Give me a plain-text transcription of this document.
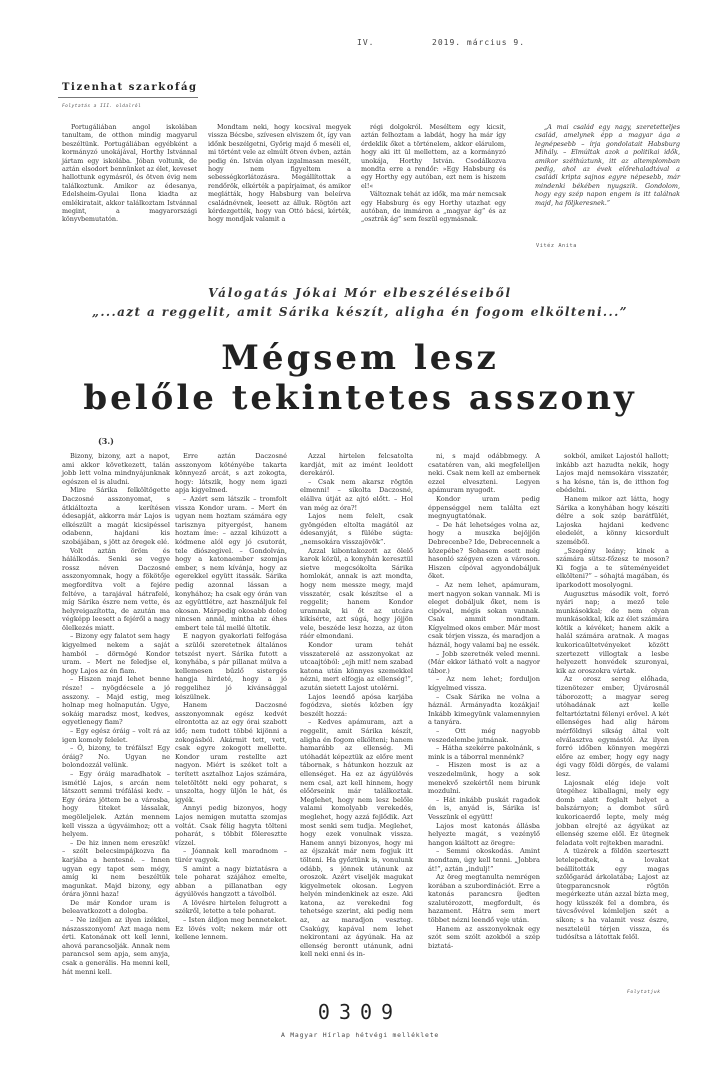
IV.	2019. március 9.
Tizenhat szarkofág
Folytatás a III. oldalról

Portugáliában angol iskolában tanultam, de otthon mindig magyarul beszéltünk. Portugáliában egyébként a kormányzó unokájával, Horthy Istvánnal jártam egy iskolába. Jóban voltunk, de aztán elsodort bennünket az élet, keveset hallottunk egymásról, és ötven évig nem találkoztunk. Amikor az édesanya, Edelsheim-Gyulai Ilona kiadta az emlékiratait, akkor találkoztam Istvánnal megint, a magyarországi könyvbemutatón.

Mondtam neki, hogy kocsival megyek vissza Bécsbe, szívesen elviszem őt, így van időnk beszélgetni, Győrig majd ő meséli el, mi történt vele az elmúlt ötven évben, aztán pedig én. István olyan izgalmasan mesélt, hogy nem figyeltem a sebességkorlátozásra. Megállítottak a rendőrök, elkérték a papírjaimat, és amikor meglátták, hogy Habsburg van beleírva családnévnek, leesett az álluk. Rögtön azt kérdezgették, hogy van Ottó bácsi, kérték, hogy mondjak valamit a

régi dolgokról. Meséltem egy kicsit, aztán felhoztam a labdát, hogy ha már így érdeklik őket a történelem, akkor elárulom, hogy aki itt ül mellettem, az a kormányzó unokája, Horthy István. Csodálkozva mondta erre a rendőr: »Egy Habsburg és egy Horthy egy autóban, ezt nem is hiszem el!«

Változnak tehát az idők, ma már nemcsak egy Habsburg és egy Horthy utazhat egy autóban, de immáron a „magyar ág” és az „osztrák ág” sem feszül egymásnak.

„A mai család egy nagy, szeretetteljes család, amelynek épp a magyar ága a legnépesebb – írja gondolatait Habsburg Mihály. – Elmúltak azok a politikai idők, amikor széthúztunk, itt az altemplomban pedig, ahol az évek előrehaladtával a családi kripta sajnos egyre népesebb, már mindenki békében nyugszik. Gondolom, hogy egy szép napon engem is itt találnak majd, ha följkeresnek.”

Vitéz Anita
Válogatás Jókai Mór elbeszéléseiből
„...azt a reggelit, amit Sárika készít, aligha én fogom elkölteni...”
Mégsem lesz
belőle tekintetes asszony
(3.)

Bizony, bizony, azt a napot, ami akkor következett, talán jobb lett volna mindnyájunknak egészen el is aludni.

Mire Sárika felköltögette Daczosné asszonyomat, s átkiáltozta a kerítésen édesapját, akkorra már Lajos is elkészült a magát kicsipéssel odabenn, hajdani kis szobájában, s jött az öregek elé.

Volt aztán öröm és hálálkodás. Senki se vegye rossz néven Daczosné asszonyomnak, hogy a fökötője megfordítva volt a fejére feltéve, a tarajával hátrafelé, míg Sárika észre nem vette, és helyreigazította, de azután ma végképp leesett a fejéről a nagy ölelkezés miatt.

– Bizony egy falatot sem hagy kigyelmed nekem a saját hamból – dörmögé Kondor uram. – Mert ne feledjse el, hogy Lajos az én fiam.

– Hiszen majd lehet benne része! – nyögdécsele a jó asszony. – Majd estig, meg holnap meg holnapután. Ugye, sokáig maradsz most, kedves, egyetlenegy fiam?

– Egy egész óráig – volt rá az igen komoly felelet.

– Ó, bizony, te tréfálsz! Egy óráig? No. Ugyan ne bolondozzál velünk.

– Egy óráig maradhatok – ismétlé Lajos, s arcán nem látszott semmi tréfálási kedv. – Egy órára jöttem be a városba, hogy titeket lássalak, megöleljelek. Aztán mennem kell vissza a úgyváimhoz; ott a helyem.

– De hiz innen nem ereszük! – szólt belecsimpájkozva fia karjába a hentesné. – Innen ugyan egy tapot sem mégy, amíg ki nem beszéltük magunkat. Majd bizony, egy órára jönni haza!

De már Kondor uram is beleavatkozott a dologba.

– Ne izéljen az ilyen izékkel, nászasszonyom! Azt maga nem érti. Katonának ott kell lenni, ahová parancsolják. Annak nem parancsol sem apja, sem anyja, csak a generális. Ha menni kell, hát menni kell.

Erre aztán Daczosné asszonyom kötényébe takarta könnyező arcát, s azt zokogta, hogy: látszik, hogy nem igazi apja kigyelmed.

– Azért sem látszik – tromfolt vissza Kondor uram. – Mert én ugyan nem hoztam számára egy tarisznya pityergést, hanem hoztam íme: – azzal kihúzott a kódmene alól egy jó csutorát, tele diószegivel. – Gondolván, hogy a katonaember szomjas ember, s nem kívánja, hogy az egerekkel együtt itassák. Sárika pedig azonnal lássan a konyhához; ha csak egy órán van az együttlétre, azt használjuk fel okosan. Márpedig okosabb dolog nincsen annál, mintha az éhes embert tele tál mellé ültetik.

E nagyon gyakorlati felfogása a szülői szeretetnek általános tetszést nyert. Sárika futott a konyhába, s pár pillanat múlva a kellemesen bűzlő sistergés hangja hirdeté, hogy a jó reggelihez jó kívánsággal készülnek.

Hanem Daczosné asszonyomnak egész kedvét elrontotta az az egy órai szabott idő; nem tudott többé kijönni a zokogásból. Akármit tett, vett, csak egyre zokogott mellette. Kondor uram restellte azt nagyon. Miért is széket tolt a terített asztalhoz Lajos számára, teletöltött neki egy poharat, s unszolta, hogy üljön le hát, és igyék.

Annyi pedig bizonyos, hogy Lajos nemigen mutatta szomjas voltát. Csak félig hagyta tölteni poharát, s többit föleresztte vízzel.

– Jóannak kell maradnom – türér vagyok.

S amint a nagy biztatásra a tele poharat szájához emelte, abban a pillanatban egy ágyúlövés hangzott a távolból.

A lövésre hirtelen felugrott a székről, letette a tele poharat.

– Isten áldjon meg benneteket. Ez lövés volt; nekem már ott kellene lennem.

Azzal hirtelen felcsatolta kardját, mit az imént leoldott derekáról.

– Csak nem akarsz rögtön elmenni! – sikolta Daczosné, elállva útját az ajtó előtt. – Hol van még az óra?!

Lajos nem felelt, csak gyöngéden eltolta magától az édesanyját, s fülébe súgta: „nemsokára visszajövök”.

Azzal kibontakozott az ölelő karok közül, a konyhán keresztül sietve megcsókolta Sárika homlokát, annak is azt mondta, hogy nem messze megy, majd visszatér, csak készítse el a reggelit; hanem Kondor uramnak, ki őt az utcára kikísérte, azt súgá, hogy jöjjön vele, beszéde lesz hozza, az úton ráér elmondani.

Kondor uram tehát visszaterelé az asszonyokat az utcaajtóból: „ejh mit! nem szabad katona után könnyes szemekkel nézni, mert elfogja az ellenség!”, azután sietett Lajost utolérni.

Lajos leendő apósa karjába fogódzva, sietés közben így beszélt hozzá:

– Kedves apámuram, azt a reggelit, amit Sárika készít, aligha én fogom elkölteni; hanem hamarább az ellenség. Mi utóhadát képeztük az előre ment tábornak, s hátunkon hozzuk az ellenséget. Ha ez az ágyúlövés nem csal, azt kell hinnem, hogy előörseink már találkoztak. Meglehet, hogy nem lesz belőle valami komolyabb verekedés, meglehet, hogy azzá fejlődik. Azt most senki sem tudja. Meglehet, hogy ezek vonulnak vissza. Hanem annyi bizonyos, hogy mi az éjszakát már nem fogjuk itt tölteni. Ha győztünk is, vonulunk odább, s jönnek utánunk az oroszok. Azért viseljék magukat kigyelmetek okosan. Legyen helyén mindenkinek az esze. Aki katona, az verekedni fog tehetsége szerint, aki pedig nem az, az maradjon veszteg. Csakúgy, kapával nem lehet nekirontani az ágyúnak. Ha az ellenség berontt utánunk, adni kell neki enni és in-

ni, s majd odábbmegy. A csatatéren van, aki megfelelljen neki. Csak nem kell az embernek ezzel elveszteni. Legyen apámuram nyugodt.

Kondor uram pedig éppenséggel nem találta ezt megnyugtatónak.

– De hát lehetséges volna az, hogy a muszka bejöjjön Debrecenbe? Ide, Debrecennek a közepébe? Sohasem esett még hasonló szégyen ezen a városon. Hiszen cípóval agyondobáljuk őket.

– Az nem lehet, apámuram, mert nagyon sokan vannak. Mi is eleget dobáljuk őket, nem is cipóval, mégis sokan vannak. Csak ammit mondtam. Kígyelmed okos ember. Már most csak térjen vissza, és maradjon a háznál, hogy valami baj ne essék.

– Jobb szeretnék veled menni. (Már ekkor látható volt a nagyor tábor.)

– Az nem lehet; forduljon kígyelmed vissza.

– Csak Sárika ne volna a háznál. Ármányadta kozákjai! Inkább kimegyünk valamennyien a tanyára.

– Ott még nagyobb veszedelembe jutnának.

– Hátha szekérre pakolnánk, s mink is a táborral mennénk?

– Hiszen most is az a veszedelmünk, hogy a sok menekvő szekértől nem birunk mozdulni.

– Hát inkább puskát ragadok én is, anyád is, Sárika is! Vesszünk el együtt!

Lajos most katonás állásba helyezte magát, s vezénylő hangon kiáltott az öregre:

– Semmi okoskodás. Amint mondtam, úgy kell tenni. „Jobbra át!”, aztán „indulj!”

Az öreg megtanulta nemrégen korában a szubordinációt. Erre a katonás parancsra íjedten szalutérozott, megfordult, és hazament. Hátra sem mert többet nézni leendő veje után.

Hanem az asszonyoknak egy szót sem szólt azokból a szép biztatá-

sokból, amiket Lajostól hallott; inkább azt hazudta nekik, hogy Lajos majd nemsokára visszatér, s ha késne, tán is, de itthon fog ebédelni.

Hanem mikor azt látta, hogy Sárika a konyhában hogy készíti délre a sok szép barátfülét, Lajoska hajdani kedvenc eledelét, a könny kicsordult szeméből.

„Szegény leány; kinek a számára sütsz-főzesz te moson? Ki fogja a te süteményeidet elkölteni?” – sóhajtá magában, és iparkodott mosolyogni.

Augusztus második volt, forró nyári nap; a mező tele munkásokkal; de nem olyan munkásokkal, kik az élet számára kötik a kévéket; hanem akik a halál számára aratnak. A magas kukoricaültetvényeket között szertezett villogtak a lesbe helyezett honvédek szuronyai, kik az oroszokra vártak.

Az orosz sereg előhada, tizenötezer ember, Újvárosnál táborozott; a magyar sereg utóhadának azt kelle feltartóztatni félenyi erővel. A két ellenséges had alig három mérföldnyi sikság által volt elválasztva egymástól. Az ilyen forró időben könnyen megérzi előre az ember, hogy egy nagy égi vagy földi dörgés, de valami lesz.

Lajosnak elég ideje volt ütegéhez kiballagni, mely egy domb alatt foglalt helyet a balszárnyon; a dombot sűrű kukoricaerdő lepte, mely még jobban elrejté az ágyúkat az ellenség szeme elől. Ez ütegnek feladata volt rejtekben maradni.

A tüzérek a földön szertesztt letelepedtek, a lovakat beállították egy magas szőlőgarád árkolatába; Lajost az ütegparancsnok rögtön megérkezte után azzal bízta meg, hogy küsszék fel a dombra, és távcsővével kémleljen szét a síkon; s ha valamit vesz észre, neszteleül térjen vissza, és tudósítsa a látottak felől.

Folytatjuk
0309
A Magyar Hírlap hétvégi melléklete
